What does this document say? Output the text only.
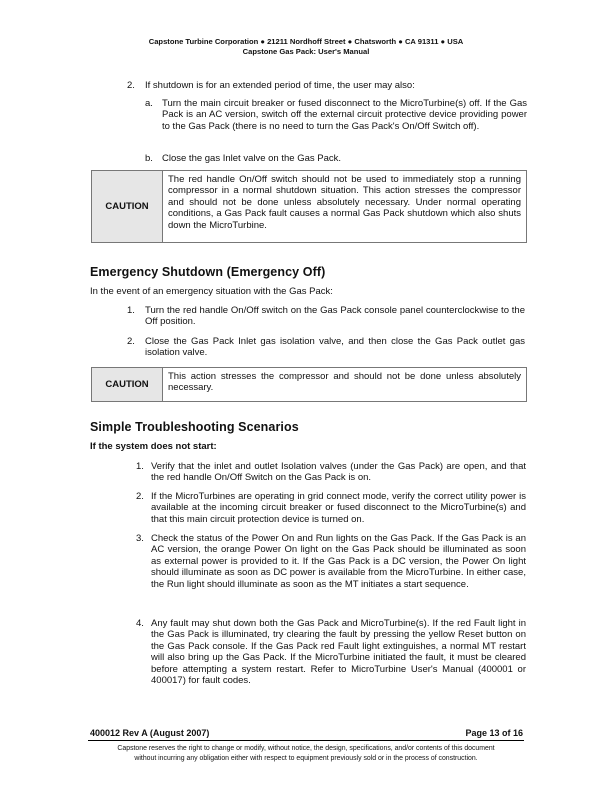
Capstone Turbine Corporation ● 21211 Nordhoff Street ● Chatsworth ● CA 91311 ● USA
Capstone Gas Pack: User's Manual
2. If shutdown is for an extended period of time, the user may also:
a. Turn the main circuit breaker or fused disconnect to the MicroTurbine(s) off. If the Gas Pack is an AC version, switch off the external circuit protective device providing power to the Gas Pack (there is no need to turn the Gas Pack's On/Off Switch off).
b. Close the gas Inlet valve on the Gas Pack.
CAUTION
The red handle On/Off switch should not be used to immediately stop a running compressor in a normal shutdown situation. This action stresses the compressor and should not be done unless absolutely necessary. Under normal operating conditions, a Gas Pack fault causes a normal Gas Pack shutdown which also shuts down the MicroTurbine.
Emergency Shutdown (Emergency Off)
In the event of an emergency situation with the Gas Pack:
1. Turn the red handle On/Off switch on the Gas Pack console panel counterclockwise to the Off position.
2. Close the Gas Pack Inlet gas isolation valve, and then close the Gas Pack outlet gas isolation valve.
CAUTION
This action stresses the compressor and should not be done unless absolutely necessary.
Simple Troubleshooting Scenarios
If the system does not start:
1. Verify that the inlet and outlet Isolation valves (under the Gas Pack) are open, and that the red handle On/Off Switch on the Gas Pack is on.
2. If the MicroTurbines are operating in grid connect mode, verify the correct utility power is available at the incoming circuit breaker or fused disconnect to the MicroTurbine(s) and that this main circuit protection device is turned on.
3. Check the status of the Power On and Run lights on the Gas Pack. If the Gas Pack is an AC version, the orange Power On light on the Gas Pack should be illuminated as soon as external power is provided to it. If the Gas Pack is a DC version, the Power On light should illuminate as soon as DC power is available from the MicroTurbine. In either case, the Run light should illuminate as soon as the MT initiates a start sequence.
4. Any fault may shut down both the Gas Pack and MicroTurbine(s). If the red Fault light in the Gas Pack is illuminated, try clearing the fault by pressing the yellow Reset button on the Gas Pack console. If the Gas Pack red Fault light extinguishes, a normal MT restart will also bring up the Gas Pack. If the MicroTurbine initiated the fault, it must be cleared before attempting a system restart. Refer to MicroTurbine User's Manual (400001 or 400017) for fault codes.
400012 Rev A (August 2007)	Page 13 of 16
Capstone reserves the right to change or modify, without notice, the design, specifications, and/or contents of this document
without incurring any obligation either with respect to equipment previously sold or in the process of construction.
